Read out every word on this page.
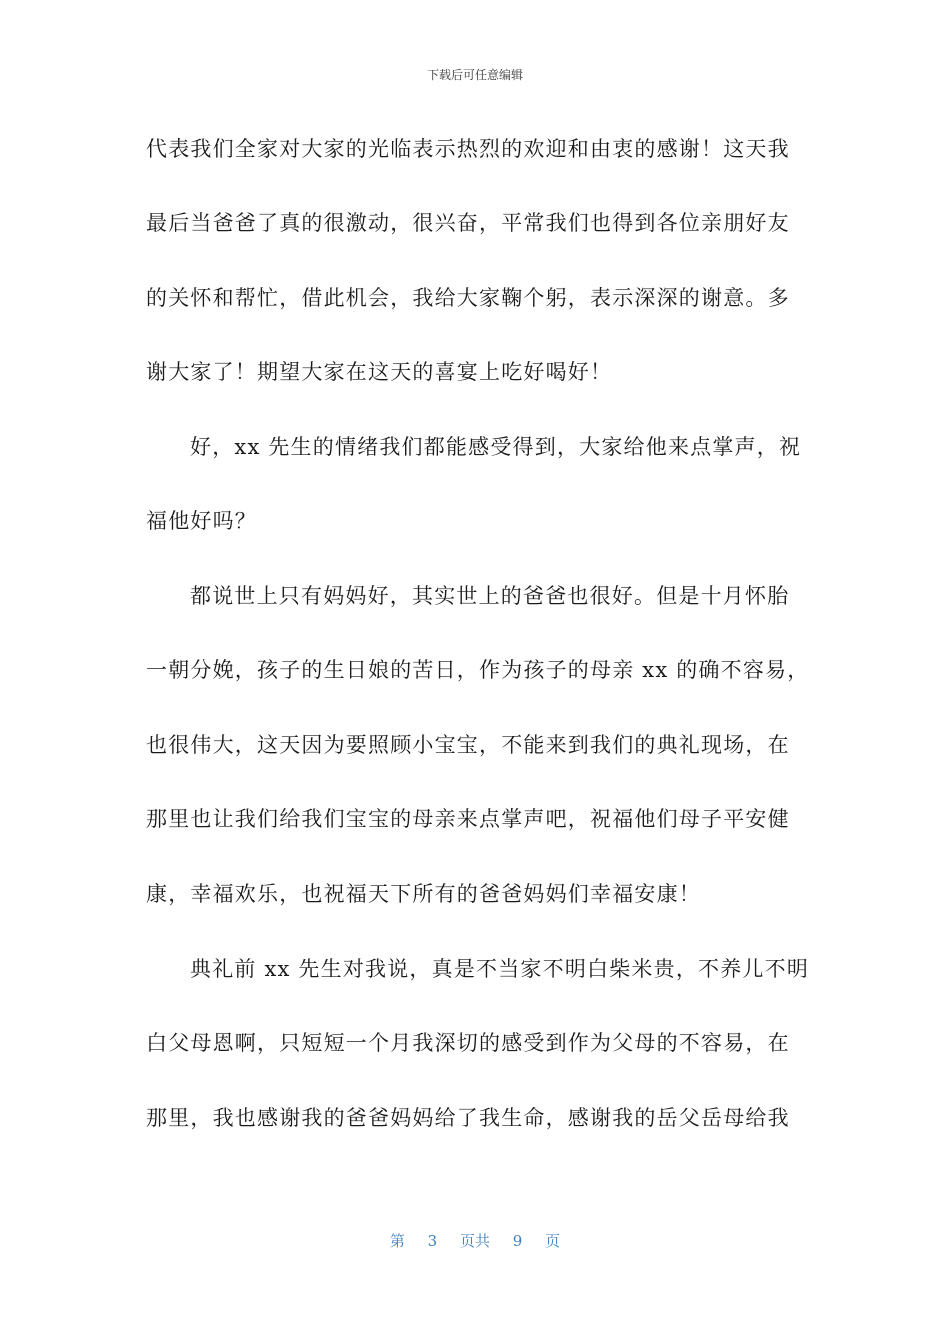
下载后可任意编辑
代表我们全家对大家的光临表示热烈的欢迎和由衷的感谢！这天我
最后当爸爸了真的很激动，很兴奋，平常我们也得到各位亲朋好友
的关怀和帮忙，借此机会，我给大家鞠个躬，表示深深的谢意。多
谢大家了！期望大家在这天的喜宴上吃好喝好！
好，xx 先生的情绪我们都能感受得到，大家给他来点掌声，祝
福他好吗？
都说世上只有妈妈好，其实世上的爸爸也很好。但是十月怀胎
一朝分娩，孩子的生日娘的苦日，作为孩子的母亲 xx 的确不容易，
也很伟大，这天因为要照顾小宝宝，不能来到我们的典礼现场，在
那里也让我们给我们宝宝的母亲来点掌声吧，祝福他们母子平安健
康，幸福欢乐，也祝福天下所有的爸爸妈妈们幸福安康！
典礼前 xx 先生对我说，真是不当家不明白柴米贵，不养儿不明
白父母恩啊，只短短一个月我深切的感受到作为父母的不容易，在
那里，我也感谢我的爸爸妈妈给了我生命，感谢我的岳父岳母给我
第 3 页共 9 页
